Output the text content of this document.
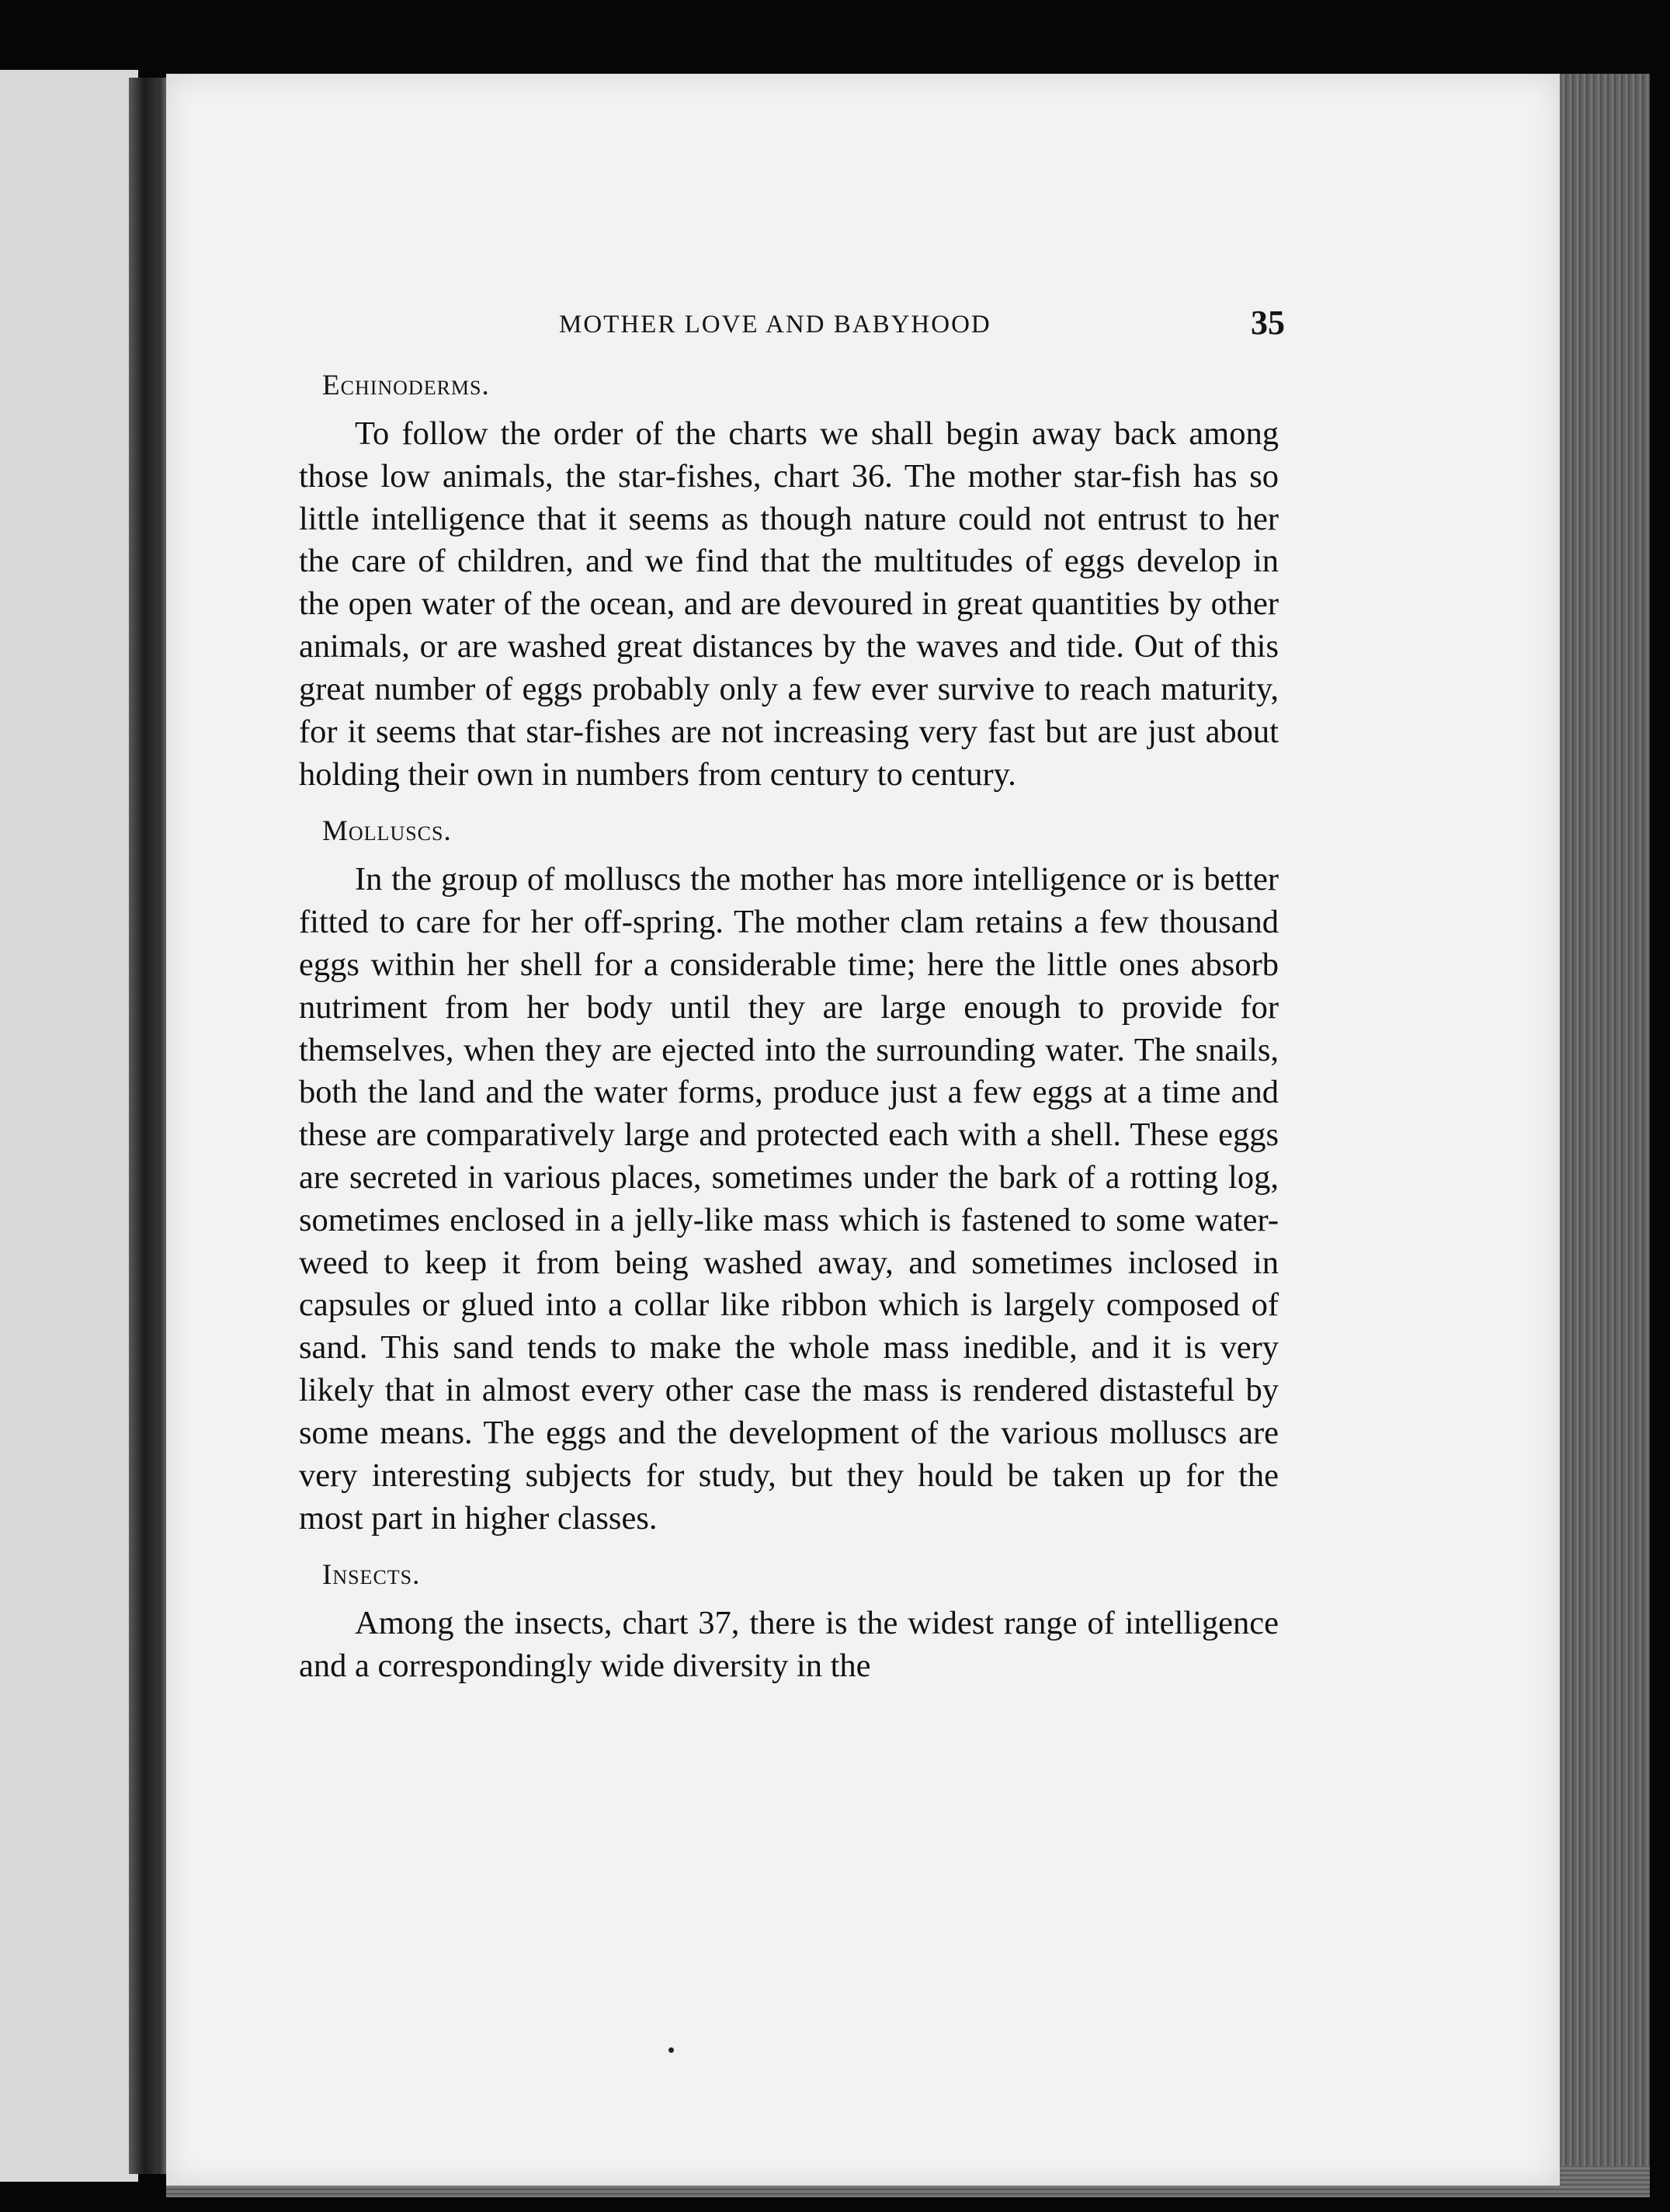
MOTHER LOVE AND BABYHOOD	35
Echinoderms.

To follow the order of the charts we shall begin away back among those low animals, the star-fishes, chart 36. The mother star-fish has so little intelligence that it seems as though nature could not entrust to her the care of children, and we find that the multitudes of eggs develop in the open water of the ocean, and are devoured in great quantities by other animals, or are washed great distances by the waves and tide. Out of this great number of eggs probably only a few ever survive to reach maturity, for it seems that star-fishes are not increasing very fast but are just about holding their own in numbers from century to century.

Molluscs.

In the group of molluscs the mother has more intelligence or is better fitted to care for her off-spring. The mother clam retains a few thousand eggs within her shell for a considerable time; here the little ones absorb nutriment from her body until they are large enough to provide for themselves, when they are ejected into the surrounding water. The snails, both the land and the water forms, produce just a few eggs at a time and these are comparatively large and protected each with a shell. These eggs are secreted in various places, sometimes under the bark of a rotting log, sometimes enclosed in a jelly-like mass which is fastened to some water-weed to keep it from being washed away, and sometimes inclosed in capsules or glued into a collar like ribbon which is largely composed of sand. This sand tends to make the whole mass inedible, and it is very likely that in almost every other case the mass is rendered distasteful by some means. The eggs and the development of the various molluscs are very interesting subjects for study, but they hould be taken up for the most part in higher classes.

Insects.

Among the insects, chart 37, there is the widest range of intelligence and a correspondingly wide diversity in the
